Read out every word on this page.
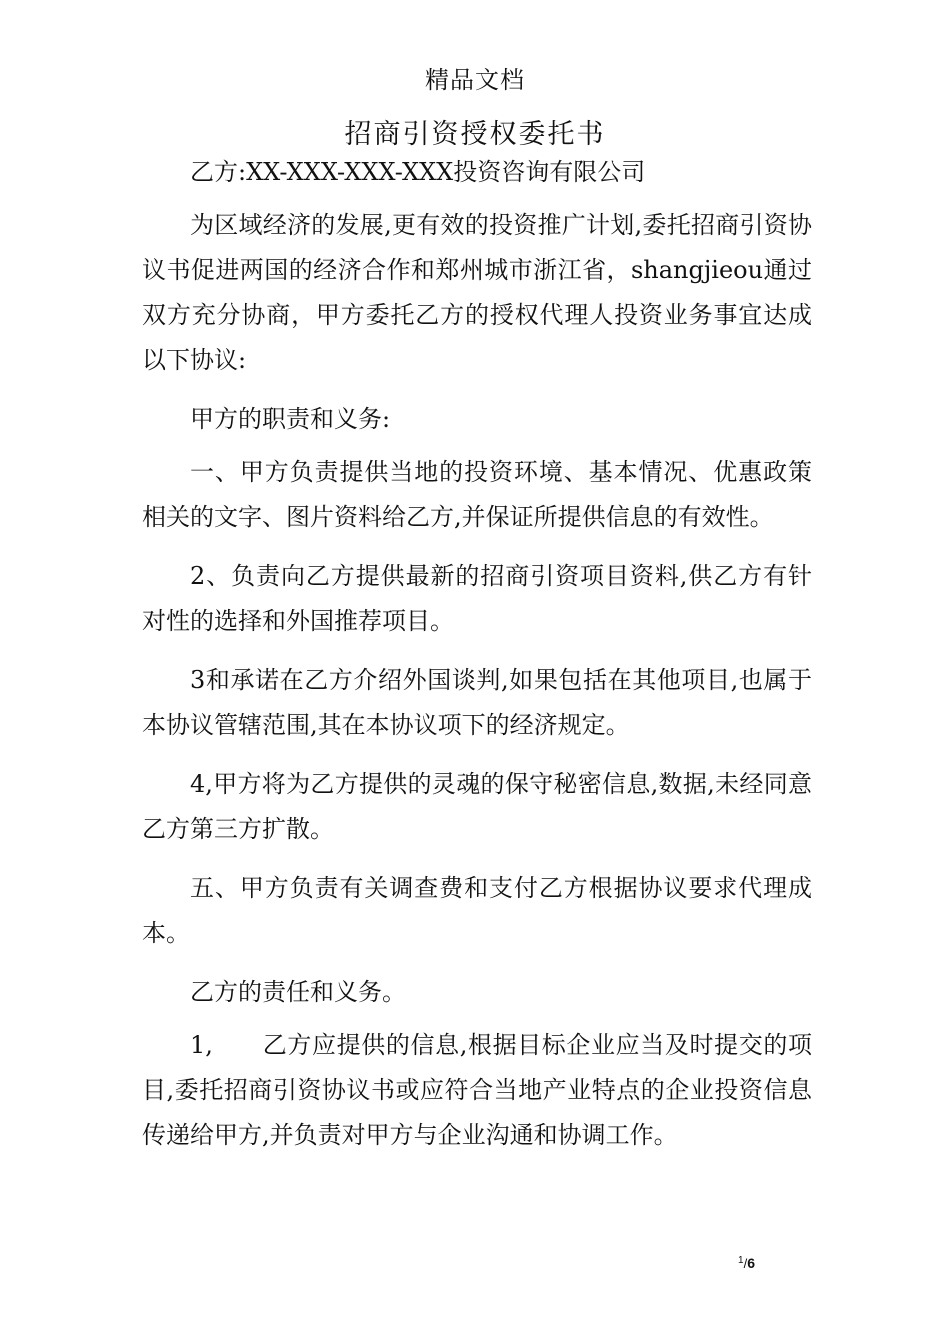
精品文档
招商引资授权委托书

乙方:XX-XXX-XXX-XXX投资咨询有限公司

为区域经济的发展,更有效的投资推广计划,委托招商引资协议书促进两国的经济合作和郑州城市浙江省，shangjieou通过双方充分协商，甲方委托乙方的授权代理人投资业务事宜达成以下协议:

甲方的职责和义务:

一、甲方负责提供当地的投资环境、基本情况、优惠政策相关的文字、图片资料给乙方,并保证所提供信息的有效性。

2、负责向乙方提供最新的招商引资项目资料,供乙方有针对性的选择和外国推荐项目。

3和承诺在乙方介绍外国谈判,如果包括在其他项目,也属于本协议管辖范围,其在本协议项下的经济规定。

4,甲方将为乙方提供的灵魂的保守秘密信息,数据,未经同意乙方第三方扩散。

五、甲方负责有关调查费和支付乙方根据协议要求代理成本。

乙方的责任和义务。

1,　　乙方应提供的信息,根据目标企业应当及时提交的项目,委托招商引资协议书或应符合当地产业特点的企业投资信息传递给甲方,并负责对甲方与企业沟通和协调工作。

$^1$/6
